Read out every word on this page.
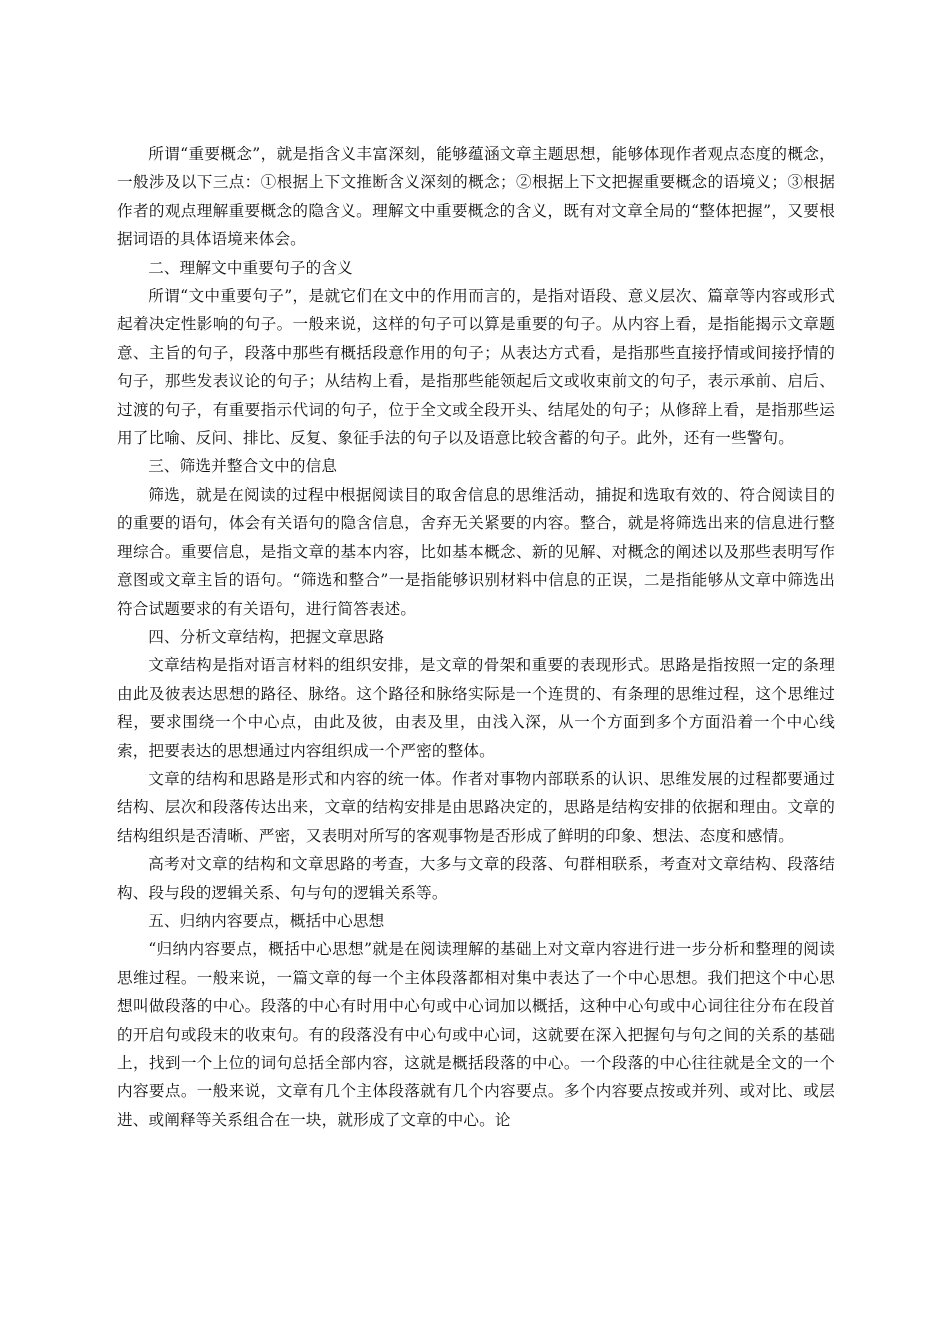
所谓“重要概念”，就是指含义丰富深刻，能够蕴涵文章主题思想，能够体现作者观点态度的概念，一般涉及以下三点：①根据上下文推断含义深刻的概念；②根据上下文把握重要概念的语境义；③根据作者的观点理解重要概念的隐含义。理解文中重要概念的含义，既有对文章全局的“整体把握”，又要根据词语的具体语境来体会。

二、理解文中重要句子的含义

所谓“文中重要句子”，是就它们在文中的作用而言的，是指对语段、意义层次、篇章等内容或形式起着决定性影响的句子。一般来说，这样的句子可以算是重要的句子。从内容上看，是指能揭示文章题意、主旨的句子，段落中那些有概括段意作用的句子；从表达方式看，是指那些直接抒情或间接抒情的句子，那些发表议论的句子；从结构上看，是指那些能领起后文或收束前文的句子，表示承前、启后、过渡的句子，有重要指示代词的句子，位于全文或全段开头、结尾处的句子；从修辞上看，是指那些运用了比喻、反问、排比、反复、象征手法的句子以及语意比较含蓄的句子。此外，还有一些警句。

三、筛选并整合文中的信息

筛选，就是在阅读的过程中根据阅读目的取舍信息的思维活动，捕捉和选取有效的、符合阅读目的的重要的语句，体会有关语句的隐含信息，舍弃无关紧要的内容。整合，就是将筛选出来的信息进行整理综合。重要信息，是指文章的基本内容，比如基本概念、新的见解、对概念的阐述以及那些表明写作意图或文章主旨的语句。“筛选和整合”一是指能够识别材料中信息的正误，二是指能够从文章中筛选出符合试题要求的有关语句，进行简答表述。

四、分析文章结构，把握文章思路

文章结构是指对语言材料的组织安排，是文章的骨架和重要的表现形式。思路是指按照一定的条理由此及彼表达思想的路径、脉络。这个路径和脉络实际是一个连贯的、有条理的思维过程，这个思维过程，要求围绕一个中心点，由此及彼，由表及里，由浅入深，从一个方面到多个方面沿着一个中心线索，把要表达的思想通过内容组织成一个严密的整体。

文章的结构和思路是形式和内容的统一体。作者对事物内部联系的认识、思维发展的过程都要通过结构、层次和段落传达出来，文章的结构安排是由思路决定的，思路是结构安排的依据和理由。文章的结构组织是否清晰、严密，又表明对所写的客观事物是否形成了鲜明的印象、想法、态度和感情。

高考对文章的结构和文章思路的考查，大多与文章的段落、句群相联系，考查对文章结构、段落结构、段与段的逻辑关系、句与句的逻辑关系等。

五、归纳内容要点，概括中心思想

“归纳内容要点，概括中心思想”就是在阅读理解的基础上对文章内容进行进一步分析和整理的阅读思维过程。一般来说，一篇文章的每一个主体段落都相对集中表达了一个中心思想。我们把这个中心思想叫做段落的中心。段落的中心有时用中心句或中心词加以概括，这种中心句或中心词往往分布在段首的开启句或段末的收束句。有的段落没有中心句或中心词，这就要在深入把握句与句之间的关系的基础上，找到一个上位的词句总括全部内容，这就是概括段落的中心。一个段落的中心往往就是全文的一个内容要点。一般来说，文章有几个主体段落就有几个内容要点。多个内容要点按或并列、或对比、或层进、或阐释等关系组合在一块，就形成了文章的中心。论
